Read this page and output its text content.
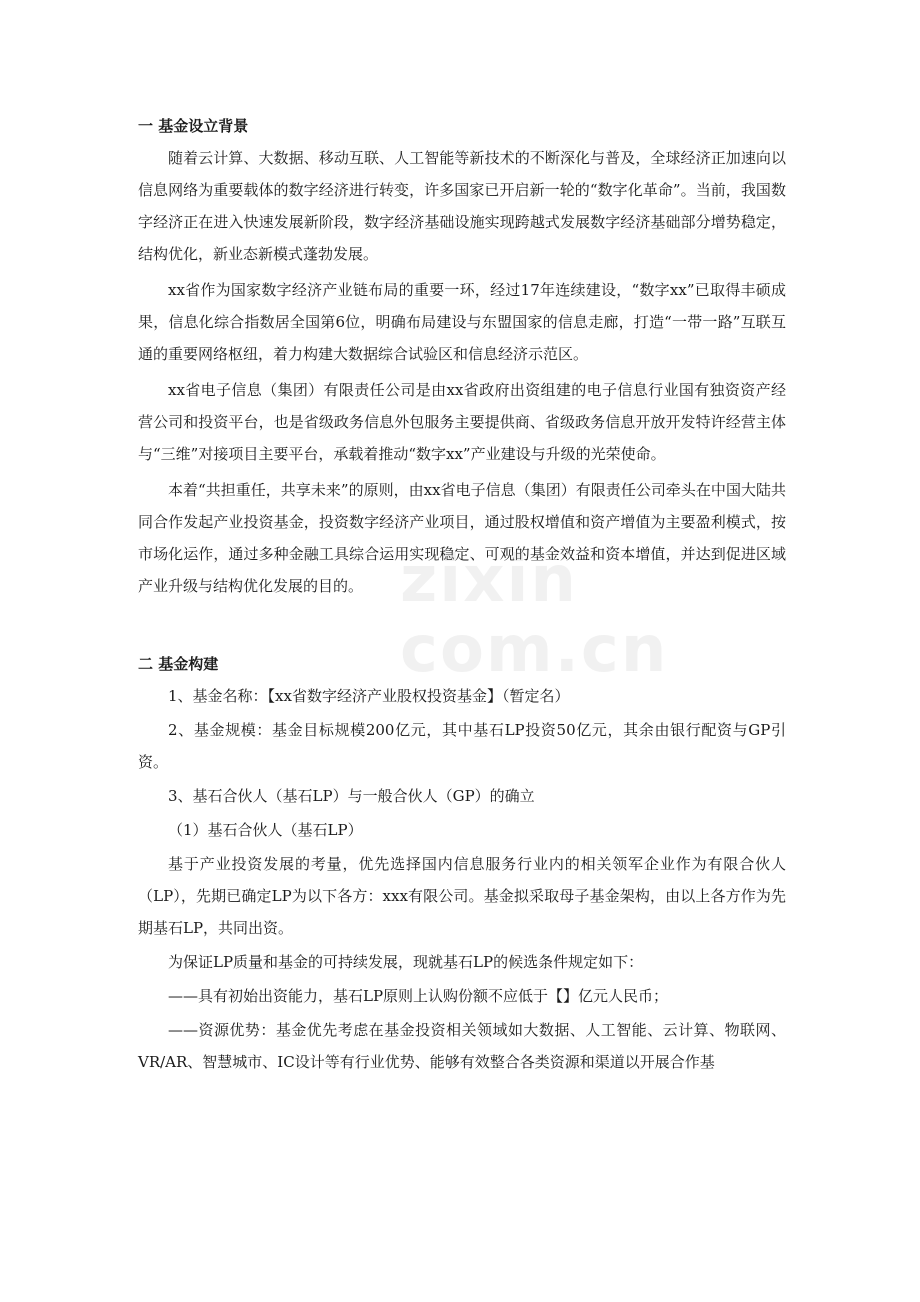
一 基金设立背景

随着云计算、大数据、移动互联、人工智能等新技术的不断深化与普及，全球经济正加速向以信息网络为重要载体的数字经济进行转变，许多国家已开启新一轮的“数字化革命”。当前，我国数字经济正在进入快速发展新阶段，数字经济基础设施实现跨越式发展数字经济基础部分增势稳定，结构优化，新业态新模式蓬勃发展。

xx省作为国家数字经济产业链布局的重要一环，经过17年连续建设，“数字xx”已取得丰硕成果，信息化综合指数居全国第6位，明确布局建设与东盟国家的信息走廊，打造“一带一路”互联互通的重要网络枢纽，着力构建大数据综合试验区和信息经济示范区。

xx省电子信息（集团）有限责任公司是由xx省政府出资组建的电子信息行业国有独资资产经营公司和投资平台，也是省级政务信息外包服务主要提供商、省级政务信息开放开发特许经营主体与“三维”对接项目主要平台，承载着推动“数字xx”产业建设与升级的光荣使命。

本着“共担重任，共享未来”的原则，由xx省电子信息（集团）有限责任公司牵头在中国大陆共同合作发起产业投资基金，投资数字经济产业项目，通过股权增值和资产增值为主要盈利模式，按市场化运作，通过多种金融工具综合运用实现稳定、可观的基金效益和资本增值，并达到促进区域产业升级与结构优化发展的目的。

二 基金构建

1、基金名称：【xx省数字经济产业股权投资基金】（暂定名）

2、基金规模：基金目标规模200亿元，其中基石LP投资50亿元，其余由银行配资与GP引资。

3、基石合伙人（基石LP）与一般合伙人（GP）的确立

（1）基石合伙人（基石LP）

基于产业投资发展的考量，优先选择国内信息服务行业内的相关领军企业作为有限合伙人（LP），先期已确定LP为以下各方：xxx有限公司。基金拟采取母子基金架构，由以上各方作为先期基石LP，共同出资。

为保证LP质量和基金的可持续发展，现就基石LP的候选条件规定如下：

——具有初始出资能力，基石LP原则上认购份额不应低于【】亿元人民币；

——资源优势：基金优先考虑在基金投资相关领域如大数据、人工智能、云计算、物联网、VR/AR、智慧城市、IC设计等有行业优势、能够有效整合各类资源和渠道以开展合作基

zixin
com.cn
